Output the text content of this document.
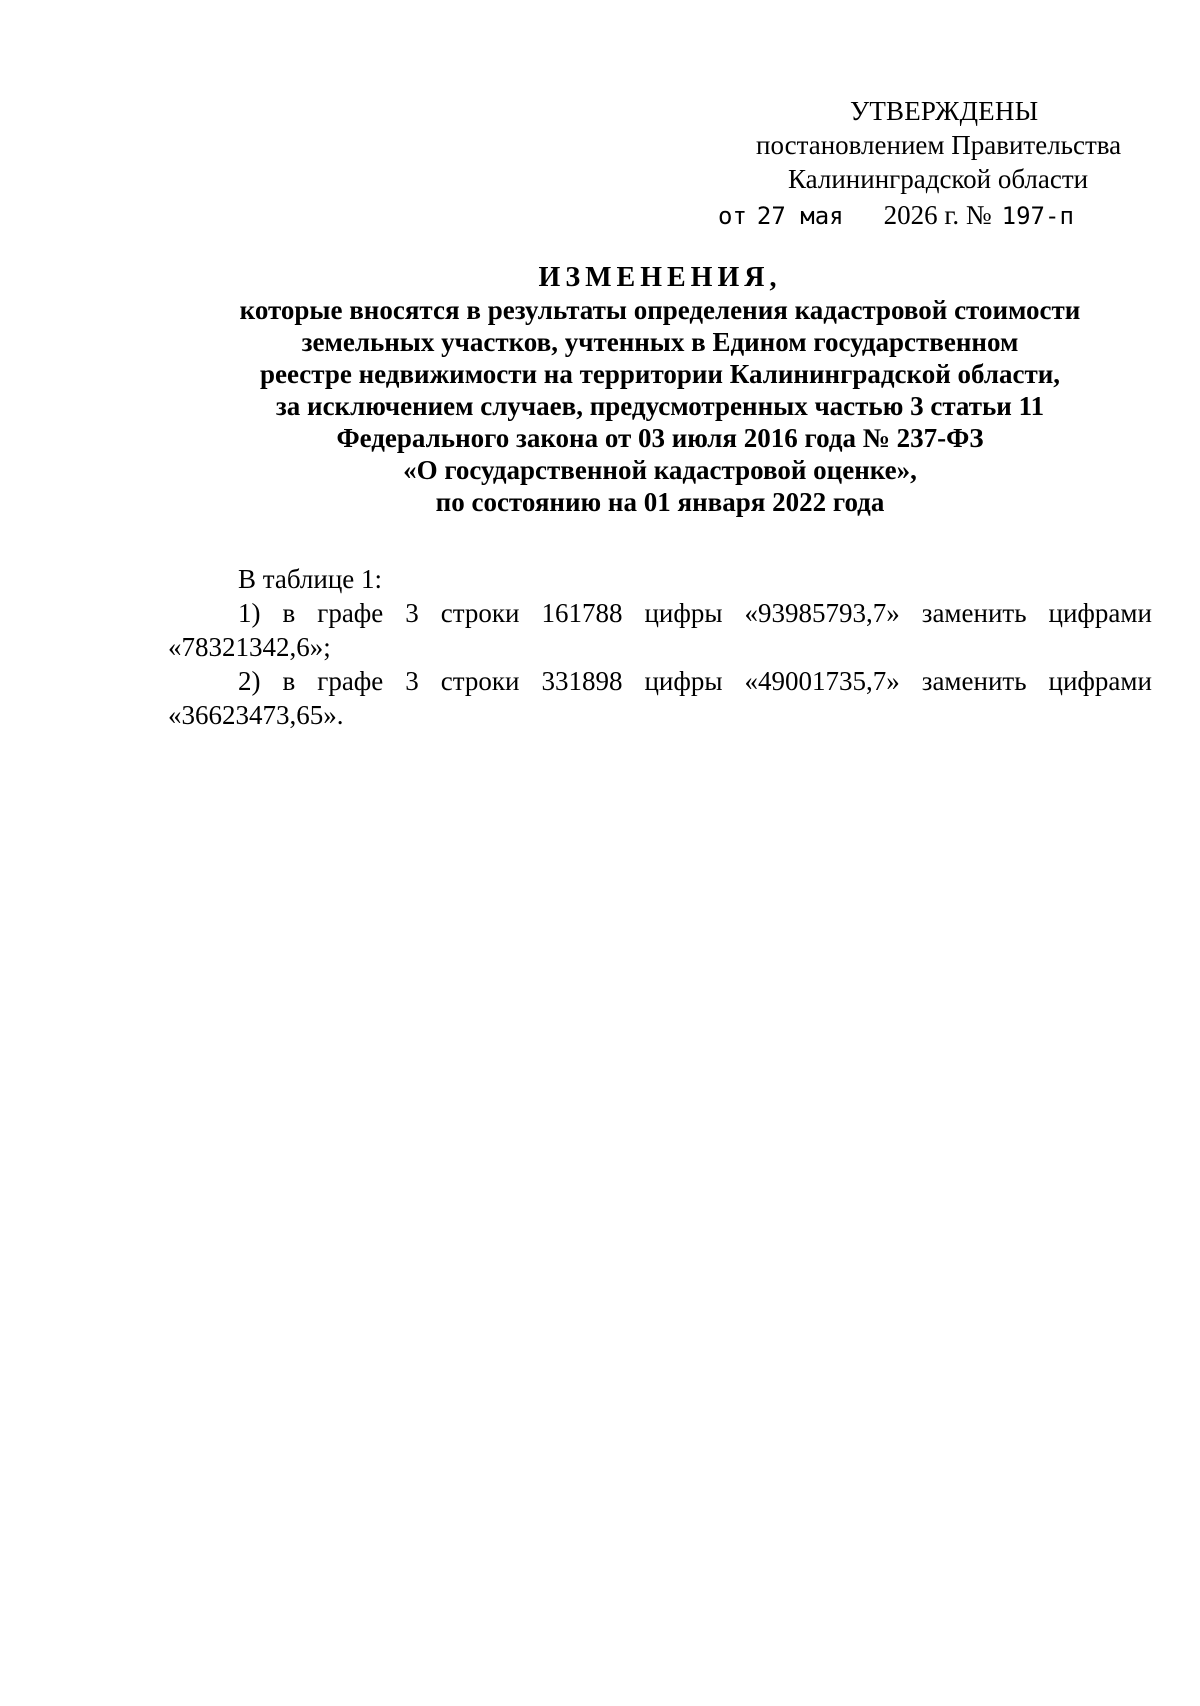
УТВЕРЖДЕНЫ
постановлением Правительства
Калининградской области
от 27 мая 2026 г. № 197-п
ИЗМЕНЕНИЯ,
которые вносятся в результаты определения кадастровой стоимости
земельных участков, учтенных в Едином государственном
реестре недвижимости на территории Калининградской области,
за исключением случаев, предусмотренных частью 3 статьи 11
Федерального закона от 03 июля 2016 года № 237-ФЗ
«О государственной кадастровой оценке»,
по состоянию на 01 января 2022 года
В таблице 1:
1) в графе 3 строки 161788 цифры «93985793,7» заменить цифрами
«78321342,6»;
2) в графе 3 строки 331898 цифры «49001735,7» заменить цифрами
«36623473,65».
